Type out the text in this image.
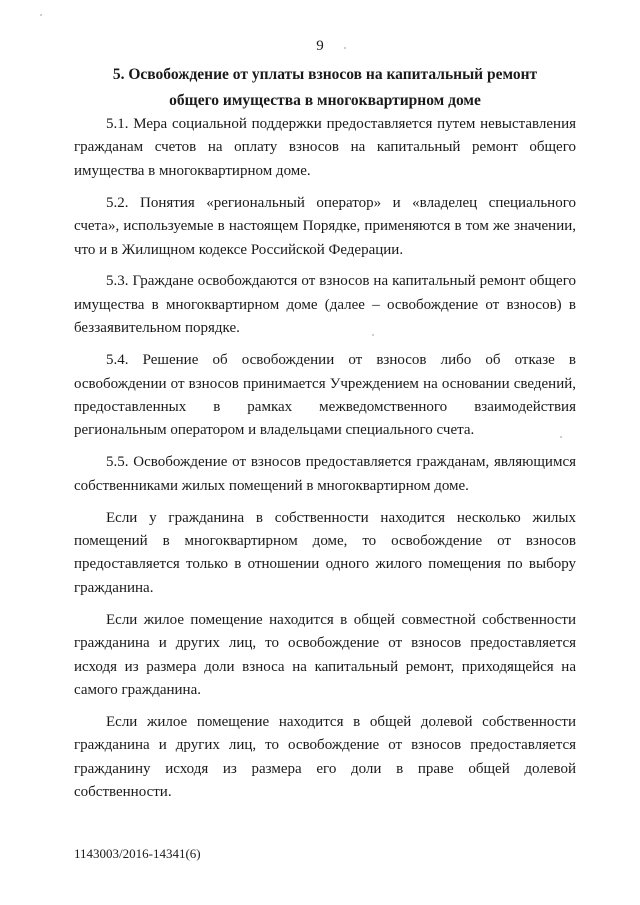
9
5. Освобождение от уплаты взносов на капитальный ремонт
общего имущества в многоквартирном доме

5.1. Мера социальной поддержки предоставляется путем невыставления гражданам счетов на оплату взносов на капитальный ремонт общего имущества в многоквартирном доме.

5.2. Понятия «региональный оператор» и «владелец специального счета», используемые в настоящем Порядке, применяются в том же значении, что и в Жилищном кодексе Российской Федерации.

5.3. Граждане освобождаются от взносов на капитальный ремонт общего имущества в многоквартирном доме (далее – освобождение от взносов) в беззаявительном порядке.

5.4. Решение об освобождении от взносов либо об отказе в освобождении от взносов принимается Учреждением на основании сведений, предоставленных в рамках межведомственного взаимодействия региональным оператором и владельцами специального счета.

5.5. Освобождение от взносов предоставляется гражданам, являющимся собственниками жилых помещений в многоквартирном доме.

Если у гражданина в собственности находится несколько жилых помещений в многоквартирном доме, то освобождение от взносов предоставляется только в отношении одного жилого помещения по выбору гражданина.

Если жилое помещение находится в общей совместной собственности гражданина и других лиц, то освобождение от взносов предоставляется исходя из размера доли взноса на капитальный ремонт, приходящейся на самого гражданина.

Если жилое помещение находится в общей долевой собственности гражданина и других лиц, то освобождение от взносов предоставляется гражданину исходя из размера его доли в праве общей долевой собственности.

1143003/2016-14341(6)
